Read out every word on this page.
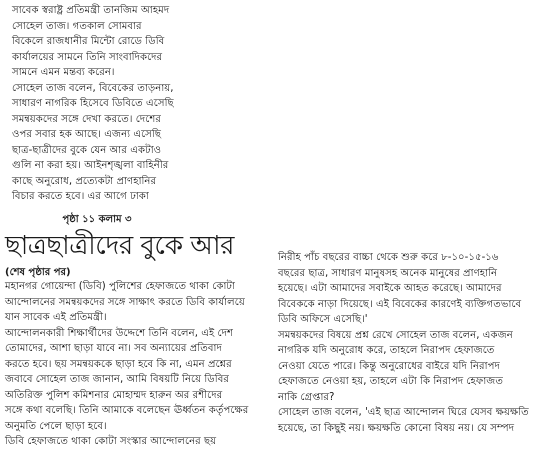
সাবেক স্বরাষ্ট্র প্রতিমন্ত্রী তানজিম আহমদ
সোহেল তাজ। গতকাল সোমবার
বিকেলে রাজধানীর মিন্টো রোডে ডিবি
কার্যালয়ের সামনে তিনি সাংবাদিকদের
সামনে এমন মন্তব্য করেন।
সোহেল তাজ বলেন, বিবেকের তাড়নায়,
সাধারণ নাগরিক হিসেবে ডিবিতে এসেছি
সমন্বয়কদের সঙ্গে দেখা করতে। দেশের
ওপর সবার হক আছে। এজন্য এসেছি
ছাত্র-ছাত্রীদের বুকে যেন আর একটাও
গুলি না করা হয়। আইনশৃঙ্খলা বাহিনীর
কাছে অনুরোধ, প্রত্যেকটা প্রাণহানির
বিচার করতে হবে। এর আগে ঢাকা
পৃষ্ঠা ১১ কলাম ৩
ছাত্রছাত্রীদের বুকে আর
(শেষ পৃষ্ঠার পর)
মহানগর গোয়েন্দা (ডিবি) পুলিশের হেফাজতে থাকা কোটা
আন্দোলনের সমন্বয়কদের সঙ্গে সাক্ষাৎ করতে ডিবি কার্যালয়ে
যান সাবেক এই প্রতিমন্ত্রী।
আন্দোলনকারী শিক্ষার্থীদের উদ্দেশে তিনি বলেন, এই দেশ
তোমাদের, আশা ছাড়া যাবে না। সব অন্যায়ের প্রতিবাদ
করতে হবে। ছয় সমন্বয়ককে ছাড়া হবে কি না, এমন প্রশ্নের
জবাবে সোহেল তাজ জানান, আমি বিষয়টি নিয়ে ডিবির
অতিরিক্ত পুলিশ কমিশনার মোহাম্মদ হারুন অর রশীদের
সঙ্গে কথা বলেছি। তিনি আমাকে বলেছেন ঊর্ধ্বতন কর্তৃপক্ষের
অনুমতি পেলে ছাড়া হবে।
ডিবি হেফাজতে থাকা কোটা সংস্কার আন্দোলনের ছয়
নিরীহ পাঁচ বছরের বাচ্চা থেকে শুরু করে ৮-১০-১৫-১৬
বছরের ছাত্র, সাধারণ মানুষসহ অনেক মানুষের প্রাণহানি
হয়েছে। এটা আমাদের সবাইকে আহত করেছে। আমাদের
বিবেককে নাড়া দিয়েছে। এই বিবেকের কারণেই ব্যক্তিগতভাবে
ডিবি অফিসে এসেছি।'
সমন্বয়কদের বিষয়ে প্রশ্ন রেখে সোহেল তাজ বলেন, একজন
নাগরিক যদি অনুরোধ করে, তাহলে নিরাপদ হেফাজতে
নেওয়া যেতে পারে। কিন্তু অনুরোধের বাইরে যদি নিরাপদ
হেফাজতে নেওয়া হয়, তাহলে এটা কি নিরাপদ হেফাজত
নাকি গ্রেপ্তার?
সোহেল তাজ বলেন, 'এই ছাত্র আন্দোলন ঘিরে যেসব ক্ষয়ক্ষতি
হয়েছে, তা কিছুই নয়। ক্ষয়ক্ষতি কোনো বিষয় নয়। যে সম্পদ
